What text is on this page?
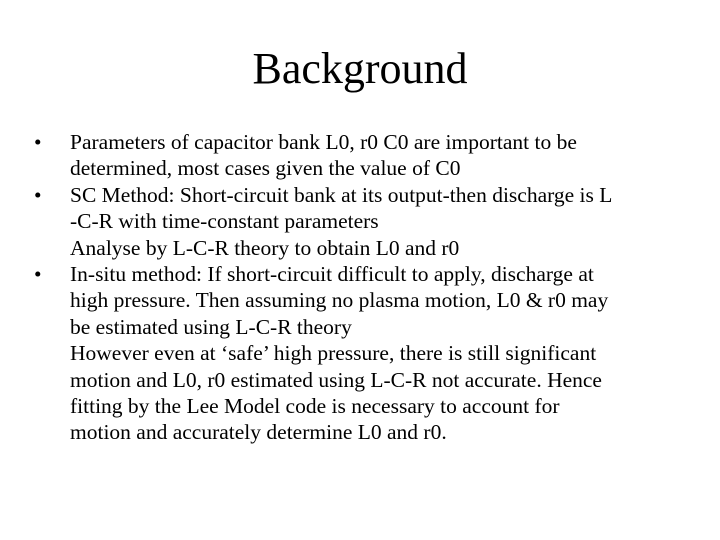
Background
•	Parameters of capacitor bank L0, r0 C0 are important to be
determined, most cases given the value of C0
•	SC Method: Short-circuit bank at its output-then discharge is L
-C-R with time-constant parameters
Analyse by L-C-R theory to obtain L0 and r0
•	In-situ method: If short-circuit difficult to apply, discharge at
high pressure. Then assuming no plasma motion, L0 & r0 may
be estimated using L-C-R theory
However even at ‘safe’ high pressure, there is still significant
motion and L0, r0 estimated using L-C-R not accurate. Hence
fitting by the Lee Model code is necessary to account for
motion and accurately determine L0 and r0.
